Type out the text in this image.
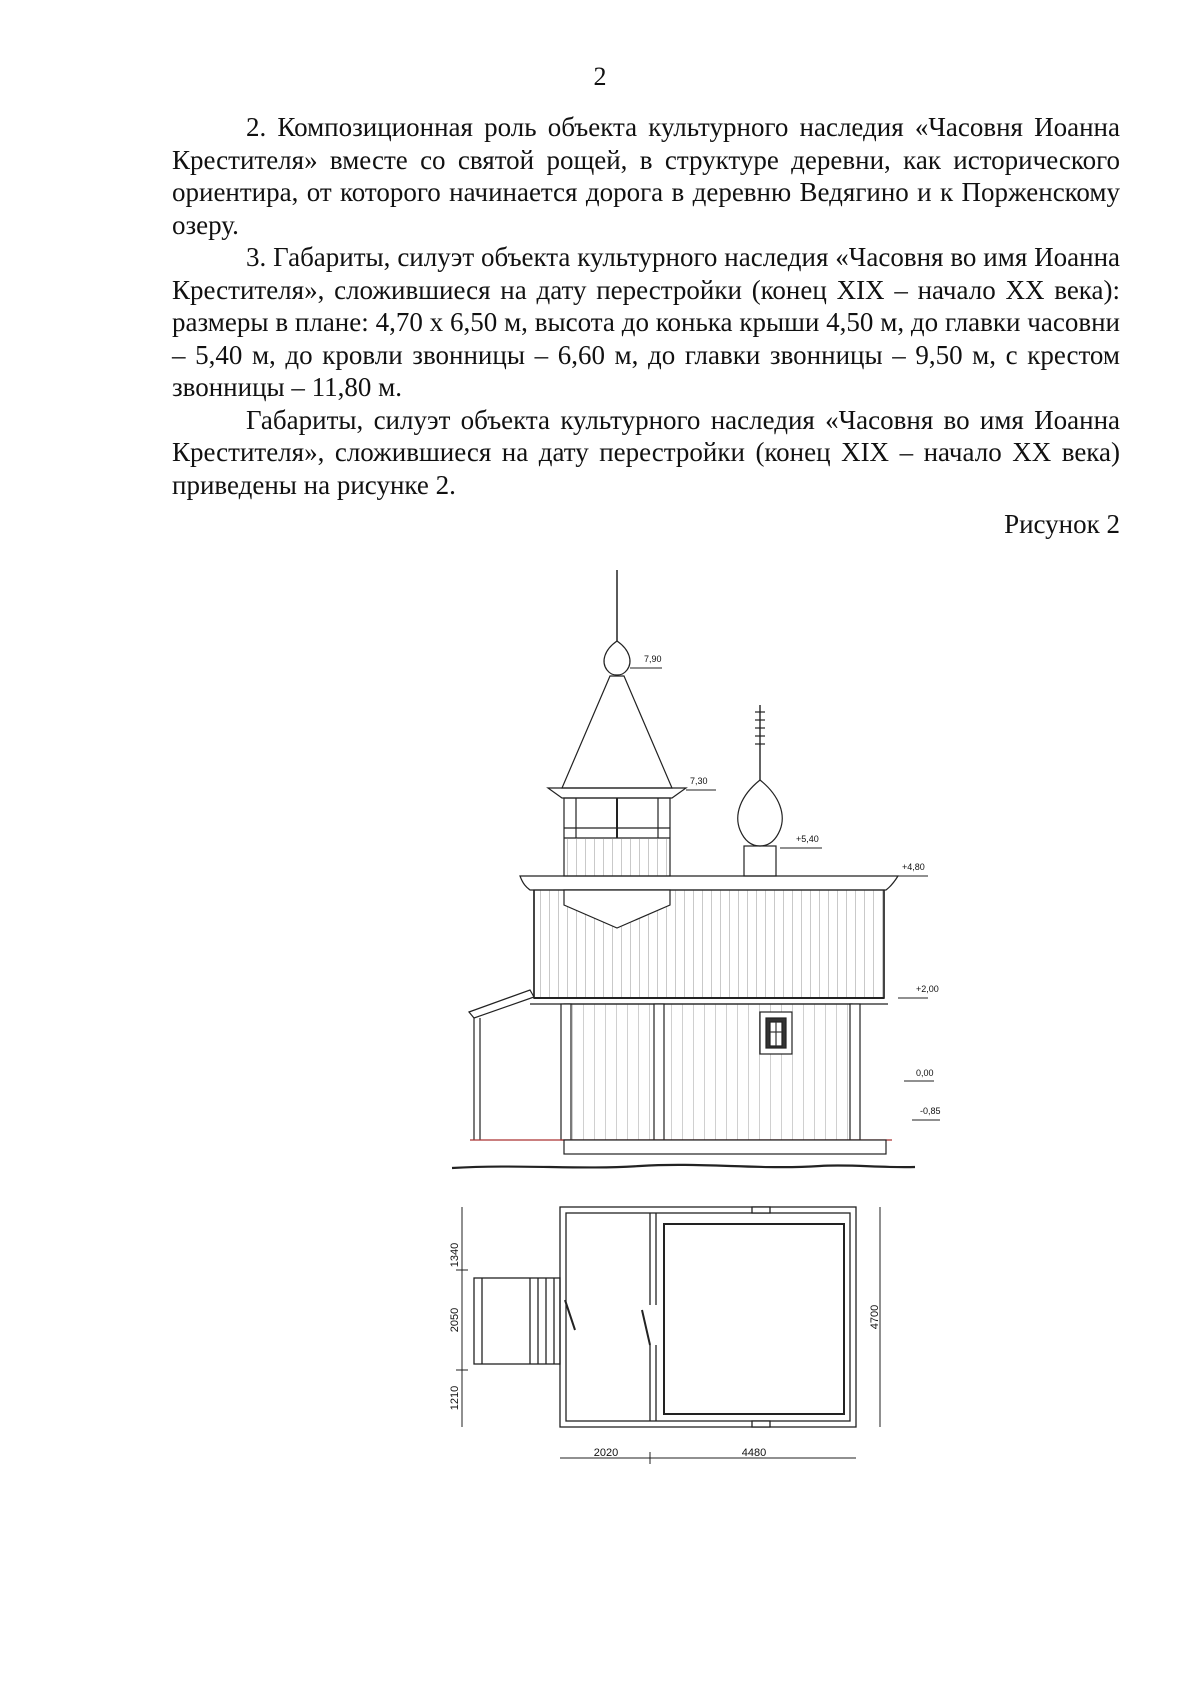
2

2. Композиционная роль объекта культурного наследия «Часовня Иоанна Крестителя» вместе со святой рощей, в структуре деревни, как исторического ориентира, от которого начинается дорога в деревню Ведягино и к Порженскому озеру.

3. Габариты, силуэт объекта культурного наследия «Часовня во имя Иоанна Крестителя», сложившиеся на дату перестройки (конец XIX – начало XX века): размеры в плане: 4,70 х 6,50 м, высота до конька крыши 4,50 м, до главки часовни – 5,40 м, до кровли звонницы – 6,60 м, до главки звонницы – 9,50 м, с крестом звонницы – 11,80 м.

Габариты, силуэт объекта культурного наследия «Часовня во имя Иоанна Крестителя», сложившиеся на дату перестройки (конец XIX – начало XX века) приведены на рисунке 2.

Рисунок 2
7,90
7,30
+5,40
+4,80
+2,00
0,00
-0,85
1340
2050
1210
4700
2020	4480
